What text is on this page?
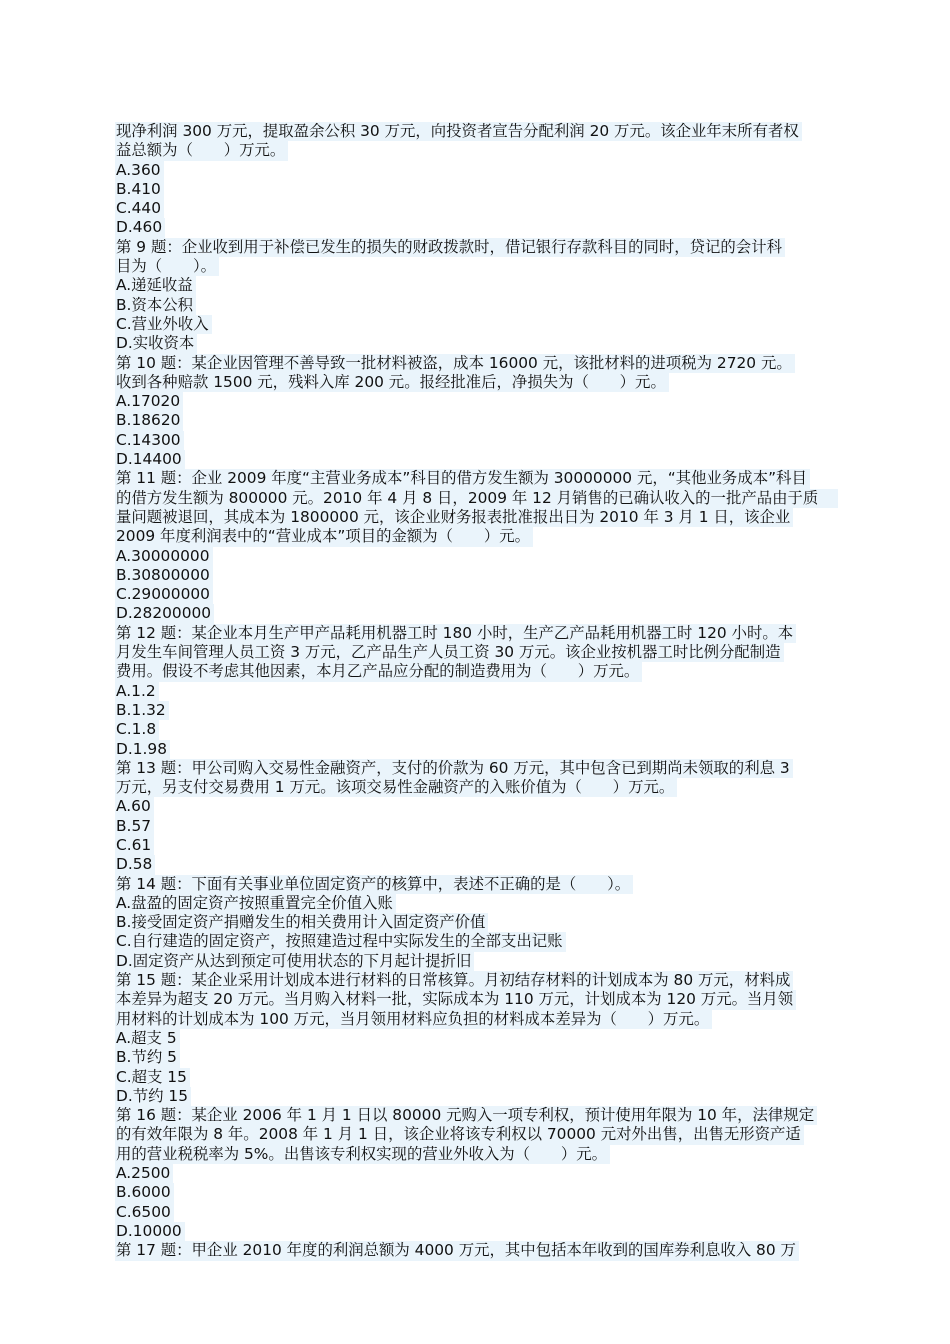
现净利润 300 万元，提取盈余公积 30 万元，向投资者宣告分配利润 20 万元。该企业年末所有者权
益总额为（　　）万元。
A.360
B.410
C.440
D.460
第 9 题：企业收到用于补偿已发生的损失的财政拨款时，借记银行存款科目的同时，贷记的会计科
目为（　　）。
A.递延收益
B.资本公积
C.营业外收入
D.实收资本
第 10 题：某企业因管理不善导致一批材料被盗，成本 16000 元，该批材料的进项税为 2720 元。
收到各种赔款 1500 元，残料入库 200 元。报经批准后，净损失为（　　）元。
A.17020
B.18620
C.14300
D.14400
第 11 题：企业 2009 年度“主营业务成本”科目的借方发生额为 30000000 元，“其他业务成本”科目
的借方发生额为 800000 元。2010 年 4 月 8 日，2009 年 12 月销售的已确认收入的一批产品由于质
量问题被退回，其成本为 1800000 元，该企业财务报表批准报出日为 2010 年 3 月 1 日，该企业
2009 年度利润表中的“营业成本”项目的金额为（　　）元。
A.30000000
B.30800000
C.29000000
D.28200000
第 12 题：某企业本月生产甲产品耗用机器工时 180 小时，生产乙产品耗用机器工时 120 小时。本
月发生车间管理人员工资 3 万元，乙产品生产人员工资 30 万元。该企业按机器工时比例分配制造
费用。假设不考虑其他因素，本月乙产品应分配的制造费用为（　　）万元。
A.1.2
B.1.32
C.1.8
D.1.98
第 13 题：甲公司购入交易性金融资产，支付的价款为 60 万元，其中包含已到期尚未领取的利息 3
万元，另支付交易费用 1 万元。该项交易性金融资产的入账价值为（　　）万元。
A.60
B.57
C.61
D.58
第 14 题：下面有关事业单位固定资产的核算中，表述不正确的是（　　）。
A.盘盈的固定资产按照重置完全价值入账
B.接受固定资产捐赠发生的相关费用计入固定资产价值
C.自行建造的固定资产，按照建造过程中实际发生的全部支出记账
D.固定资产从达到预定可使用状态的下月起计提折旧
第 15 题：某企业采用计划成本进行材料的日常核算。月初结存材料的计划成本为 80 万元，材料成
本差异为超支 20 万元。当月购入材料一批，实际成本为 110 万元，计划成本为 120 万元。当月领
用材料的计划成本为 100 万元，当月领用材料应负担的材料成本差异为（　　）万元。
A.超支 5
B.节约 5
C.超支 15
D.节约 15
第 16 题：某企业 2006 年 1 月 1 日以 80000 元购入一项专利权，预计使用年限为 10 年，法律规定
的有效年限为 8 年。2008 年 1 月 1 日，该企业将该专利权以 70000 元对外出售，出售无形资产适
用的营业税税率为 5%。出售该专利权实现的营业外收入为（　　）元。
A.2500
B.6000
C.6500
D.10000
第 17 题：甲企业 2010 年度的利润总额为 4000 万元，其中包括本年收到的国库券利息收入 80 万
